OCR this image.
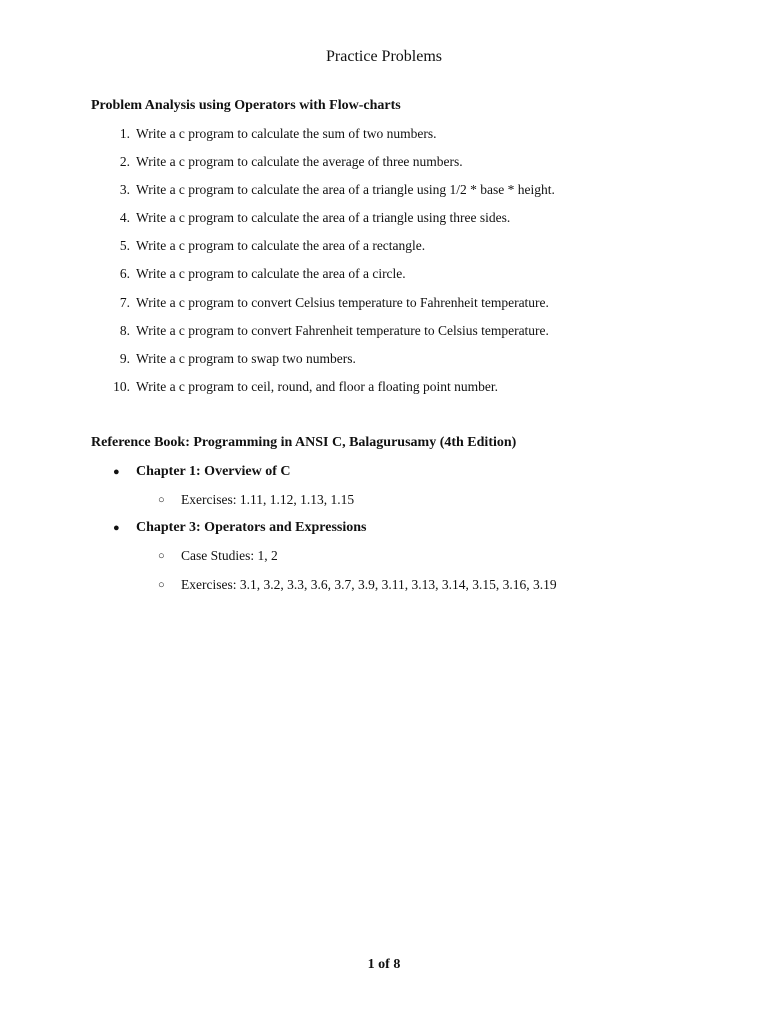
Practice Problems
Problem Analysis using Operators with Flow-charts
1. Write a c program to calculate the sum of two numbers.
2. Write a c program to calculate the average of three numbers.
3. Write a c program to calculate the area of a triangle using 1/2 * base * height.
4. Write a c program to calculate the area of a triangle using three sides.
5. Write a c program to calculate the area of a rectangle.
6. Write a c program to calculate the area of a circle.
7. Write a c program to convert Celsius temperature to Fahrenheit temperature.
8. Write a c program to convert Fahrenheit temperature to Celsius temperature.
9. Write a c program to swap two numbers.
10. Write a c program to ceil, round, and floor a floating point number.
Reference Book: Programming in ANSI C, Balagurusamy (4th Edition)
● Chapter 1: Overview of C
○ Exercises: 1.11, 1.12, 1.13, 1.15
● Chapter 3: Operators and Expressions
○ Case Studies: 1, 2
○ Exercises: 3.1, 3.2, 3.3, 3.6, 3.7, 3.9, 3.11, 3.13, 3.14, 3.15, 3.16, 3.19
1 of 8
